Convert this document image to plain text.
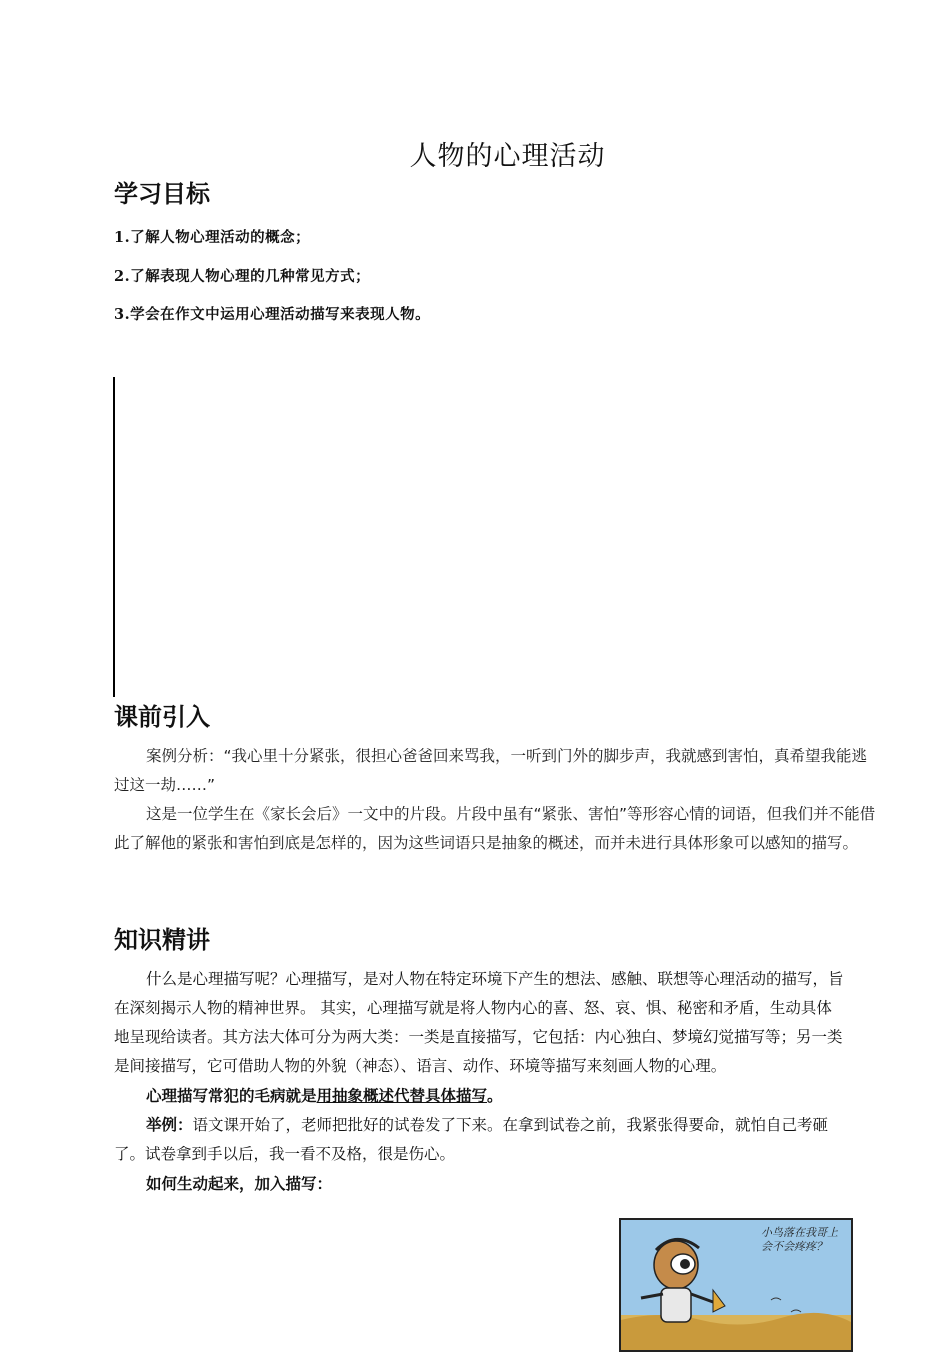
人物的心理活动
学习目标
1.了解人物心理活动的概念；
2.了解表现人物心理的几种常见方式；
3.学会在作文中运用心理活动描写来表现人物。
课前引入

案例分析：“我心里十分紧张，很担心爸爸回来骂我，一听到门外的脚步声，我就感到害怕，真希望我能逃过这一劫……”

这是一位学生在《家长会后》一文中的片段。片段中虽有“紧张、害怕”等形容心情的词语，但我们并不能借此了解他的紧张和害怕到底是怎样的，因为这些词语只是抽象的概述，而并未进行具体形象可以感知的描写。

知识精讲

什么是心理描写呢？心理描写，是对人物在特定环境下产生的想法、感触、联想等心理活动的描写，旨在深刻揭示人物的精神世界。 其实，心理描写就是将人物内心的喜、怒、哀、惧、秘密和矛盾，生动具体地呈现给读者。其方法大体可分为两大类：一类是直接描写，它包括：内心独白、梦境幻觉描写等；另一类是间接描写，它可借助人物的外貌（神态）、语言、动作、环境等描写来刻画人物的心理。

心理描写常犯的毛病就是用抽象概述代替具体描写。

举例：语文课开始了，老师把批好的试卷发了下来。在拿到试卷之前，我紧张得要命，就怕自己考砸了。试卷拿到手以后，我一看不及格，很是伤心。

如何生动起来，加入描写：

小鸟落在我哥上会不会疼疼？
